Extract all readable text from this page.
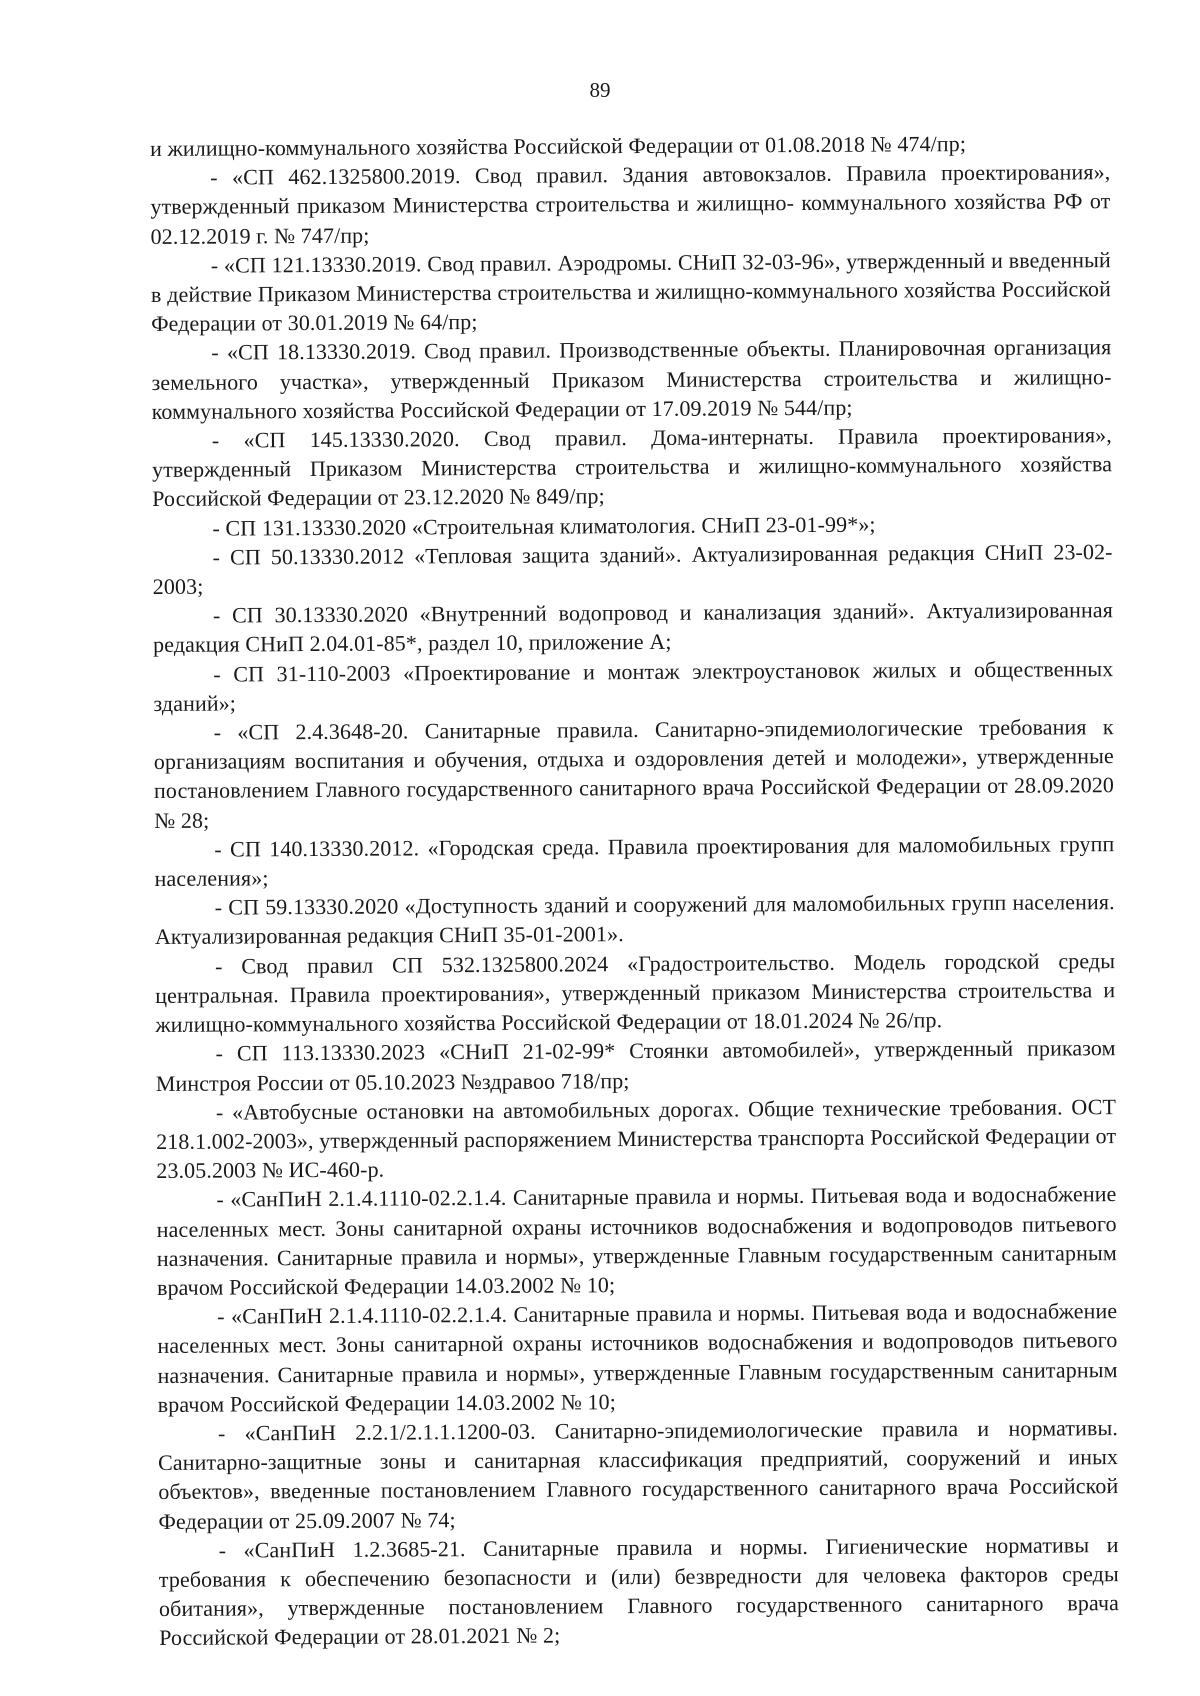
89

и жилищно-коммунального хозяйства Российской Федерации от 01.08.2018 № 474/пр;

- «СП 462.1325800.2019. Свод правил. Здания автовокзалов. Правила проектирования», утвержденный приказом Министерства строительства и жилищно- коммунального хозяйства РФ от 02.12.2019 г. № 747/пр;

- «СП 121.13330.2019. Свод правил. Аэродромы. СНиП 32-03-96», утвержденный и введенный в действие Приказом Министерства строительства и жилищно-коммунального хозяйства Российской Федерации от 30.01.2019 № 64/пр;

- «СП 18.13330.2019. Свод правил. Производственные объекты. Планировочная организация земельного участка», утвержденный Приказом Министерства строительства и жилищно-коммунального хозяйства Российской Федерации от 17.09.2019 № 544/пр;

- «СП 145.13330.2020. Свод правил. Дома-интернаты. Правила проектирования», утвержденный Приказом Министерства строительства и жилищно-коммунального хозяйства Российской Федерации от 23.12.2020 № 849/пр;

- СП 131.13330.2020 «Строительная климатология. СНиП 23-01-99*»;

- СП 50.13330.2012 «Тепловая защита зданий». Актуализированная редакция СНиП 23-02-2003;

- СП 30.13330.2020 «Внутренний водопровод и канализация зданий». Актуализированная редакция СНиП 2.04.01-85*, раздел 10, приложение А;

- СП 31-110-2003 «Проектирование и монтаж электроустановок жилых и общественных зданий»;

- «СП 2.4.3648-20. Санитарные правила. Санитарно-эпидемиологические требования к организациям воспитания и обучения, отдыха и оздоровления детей и молодежи», утвержденные постановлением Главного государственного санитарного врача Российской Федерации от 28.09.2020 № 28;

- СП 140.13330.2012. «Городская среда. Правила проектирования для маломобильных групп населения»;

- СП 59.13330.2020 «Доступность зданий и сооружений для маломобильных групп населения. Актуализированная редакция СНиП 35-01-2001».

- Свод правил СП 532.1325800.2024 «Градостроительство. Модель городской среды центральная. Правила проектирования», утвержденный приказом Министерства строительства и жилищно-коммунального хозяйства Российской Федерации от 18.01.2024 № 26/пр.

- СП 113.13330.2023 «СНиП 21-02-99* Стоянки автомобилей», утвержденный приказом Минстроя России от 05.10.2023 №здравоо 718/пр;

- «Автобусные остановки на автомобильных дорогах. Общие технические требования. ОСТ 218.1.002-2003», утвержденный распоряжением Министерства транспорта Российской Федерации от 23.05.2003 № ИС-460-р.

- «СанПиН 2.1.4.1110-02.2.1.4. Санитарные правила и нормы. Питьевая вода и водоснабжение населенных мест. Зоны санитарной охраны источников водоснабжения и водопроводов питьевого назначения. Санитарные правила и нормы», утвержденные Главным государственным санитарным врачом Российской Федерации 14.03.2002 № 10;

- «СанПиН 2.1.4.1110-02.2.1.4. Санитарные правила и нормы. Питьевая вода и водоснабжение населенных мест. Зоны санитарной охраны источников водоснабжения и водопроводов питьевого назначения. Санитарные правила и нормы», утвержденные Главным государственным санитарным врачом Российской Федерации 14.03.2002 № 10;

- «СанПиН 2.2.1/2.1.1.1200-03. Санитарно-эпидемиологические правила и нормативы. Санитарно-защитные зоны и санитарная классификация предприятий, сооружений и иных объектов», введенные постановлением Главного государственного санитарного врача Российской Федерации от 25.09.2007 № 74;

- «СанПиН 1.2.3685-21. Санитарные правила и нормы. Гигиенические нормативы и требования к обеспечению безопасности и (или) безвредности для человека факторов среды обитания», утвержденные постановлением Главного государственного санитарного врача Российской Федерации от 28.01.2021 № 2;
